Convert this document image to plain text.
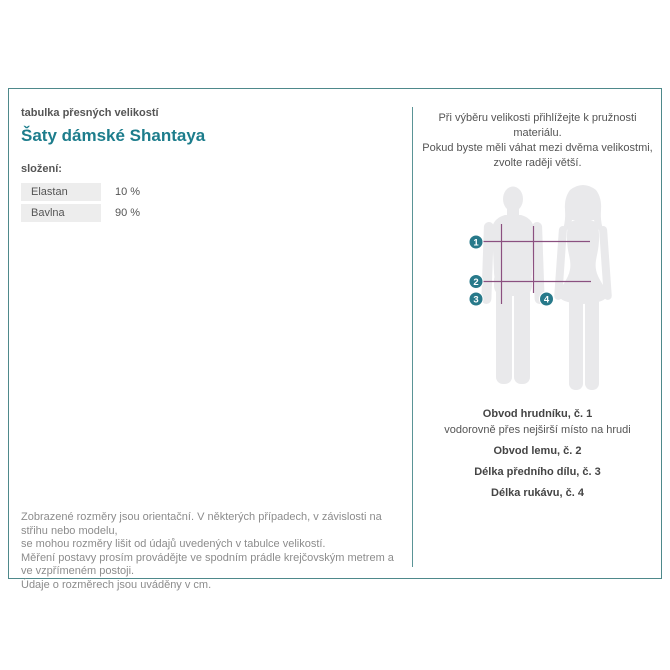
tabulka přesných velikostí
Šaty dámské Shantaya
složení:
Elastan	10 %
Bavlna	90 %
Zobrazené rozměry jsou orientační. V některých případech, v závislosti na střihu nebo modelu,
se mohou rozměry lišit od údajů uvedených v tabulce velikostí.
Měření postavy prosím provádějte ve spodním prádle krejčovským metrem a ve vzpřímeném postoji.
Údaje o rozměrech jsou uváděny v cm.
Při výběru velikosti přihlížejte k pružnosti materiálu.
Pokud byste měli váhat mezi dvěma velikostmi,
zvolte raději větší.
1
2
3	4
Obvod hrudníku, č. 1
vodorovně přes nejširší místo na hrudi
Obvod lemu, č. 2
Délka předního dílu, č. 3
Délka rukávu, č. 4
